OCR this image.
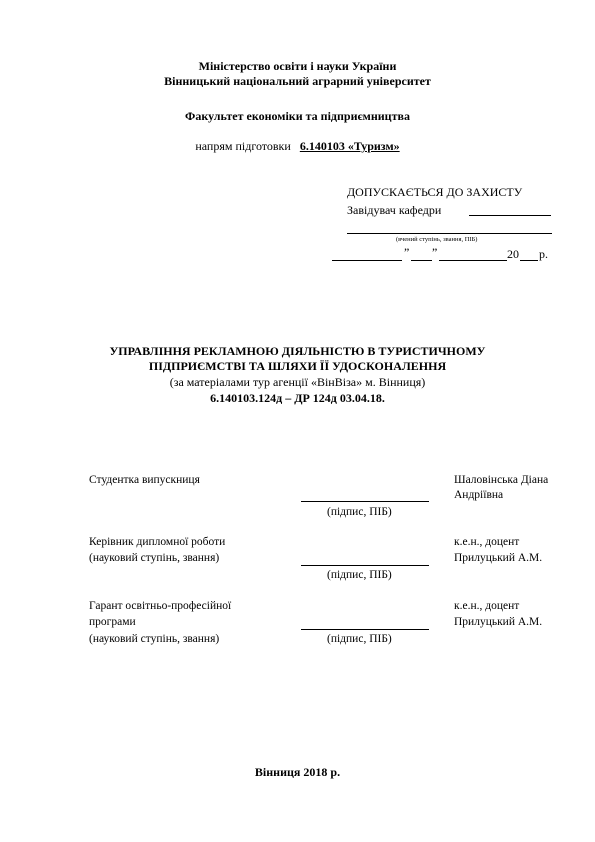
Міністерство освіти і науки України
Вінницький національний аграрний університет
Факультет економіки та підприємництва
напрям підготовки 6.140103 «Туризм»
ДОПУСКАЄТЬСЯ ДО ЗАХИСТУ
Завідувач кафедри
(вчений ступінь, звання, ПІБ)
” ”	20 р.
УПРАВЛІННЯ РЕКЛАМНОЮ ДІЯЛЬНІСТЮ В ТУРИСТИЧНОМУ
ПІДПРИЄМСТВІ ТА ШЛЯХИ ЇЇ УДОСКОНАЛЕННЯ
(за матеріалами тур агенції «ВінВіза» м. Вінниця)
6.140103.124д – ДР 124д 03.04.18.
Студентка випускниця
(підпис, ПІБ)
Шаловінська Діана
Андріївна
Керівник дипломної роботи
(науковий ступінь, звання)
(підпис, ПІБ)
к.е.н., доцент
Прилуцький А.М.
Гарант освітньо-професійної
програми
(науковий ступінь, звання)	(підпис, ПІБ)
к.е.н., доцент
Прилуцький А.М.
Вінниця 2018 р.
